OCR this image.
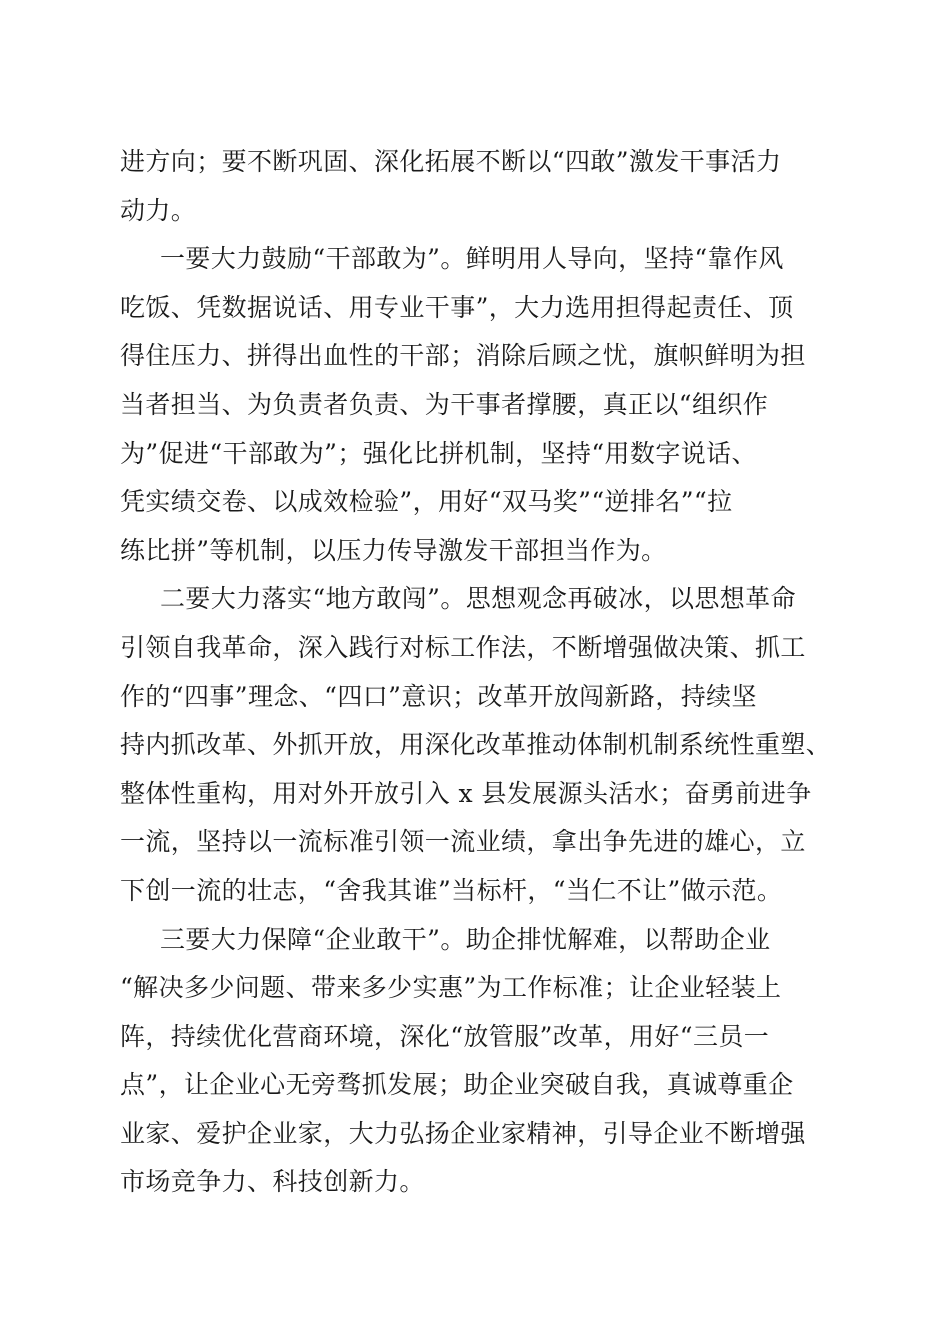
进方向；要不断巩固、深化拓展不断以“四敢”激发干事活力
动力。
一要大力鼓励“干部敢为”。鲜明用人导向，坚持“靠作风
吃饭、凭数据说话、用专业干事”，大力选用担得起责任、顶
得住压力、拼得出血性的干部；消除后顾之忧，旗帜鲜明为担
当者担当、为负责者负责、为干事者撑腰，真正以“组织作
为”促进“干部敢为”；强化比拼机制，坚持“用数字说话、
凭实绩交卷、以成效检验”，用好“双马奖”“逆排名”“拉
练比拼”等机制，以压力传导激发干部担当作为。
二要大力落实“地方敢闯”。思想观念再破冰，以思想革命
引领自我革命，深入践行对标工作法，不断增强做决策、抓工
作的“四事”理念、“四口”意识；改革开放闯新路，持续坚
持内抓改革、外抓开放，用深化改革推动体制机制系统性重塑、
整体性重构，用对外开放引入 x 县发展源头活水；奋勇前进争
一流，坚持以一流标准引领一流业绩，拿出争先进的雄心，立
下创一流的壮志，“舍我其谁”当标杆，“当仁不让”做示范。
三要大力保障“企业敢干”。助企排忧解难，以帮助企业
“解决多少问题、带来多少实惠”为工作标准；让企业轻装上
阵，持续优化营商环境，深化“放管服”改革，用好“三员一
点”，让企业心无旁骛抓发展；助企业突破自我，真诚尊重企
业家、爱护企业家，大力弘扬企业家精神，引导企业不断增强
市场竞争力、科技创新力。
